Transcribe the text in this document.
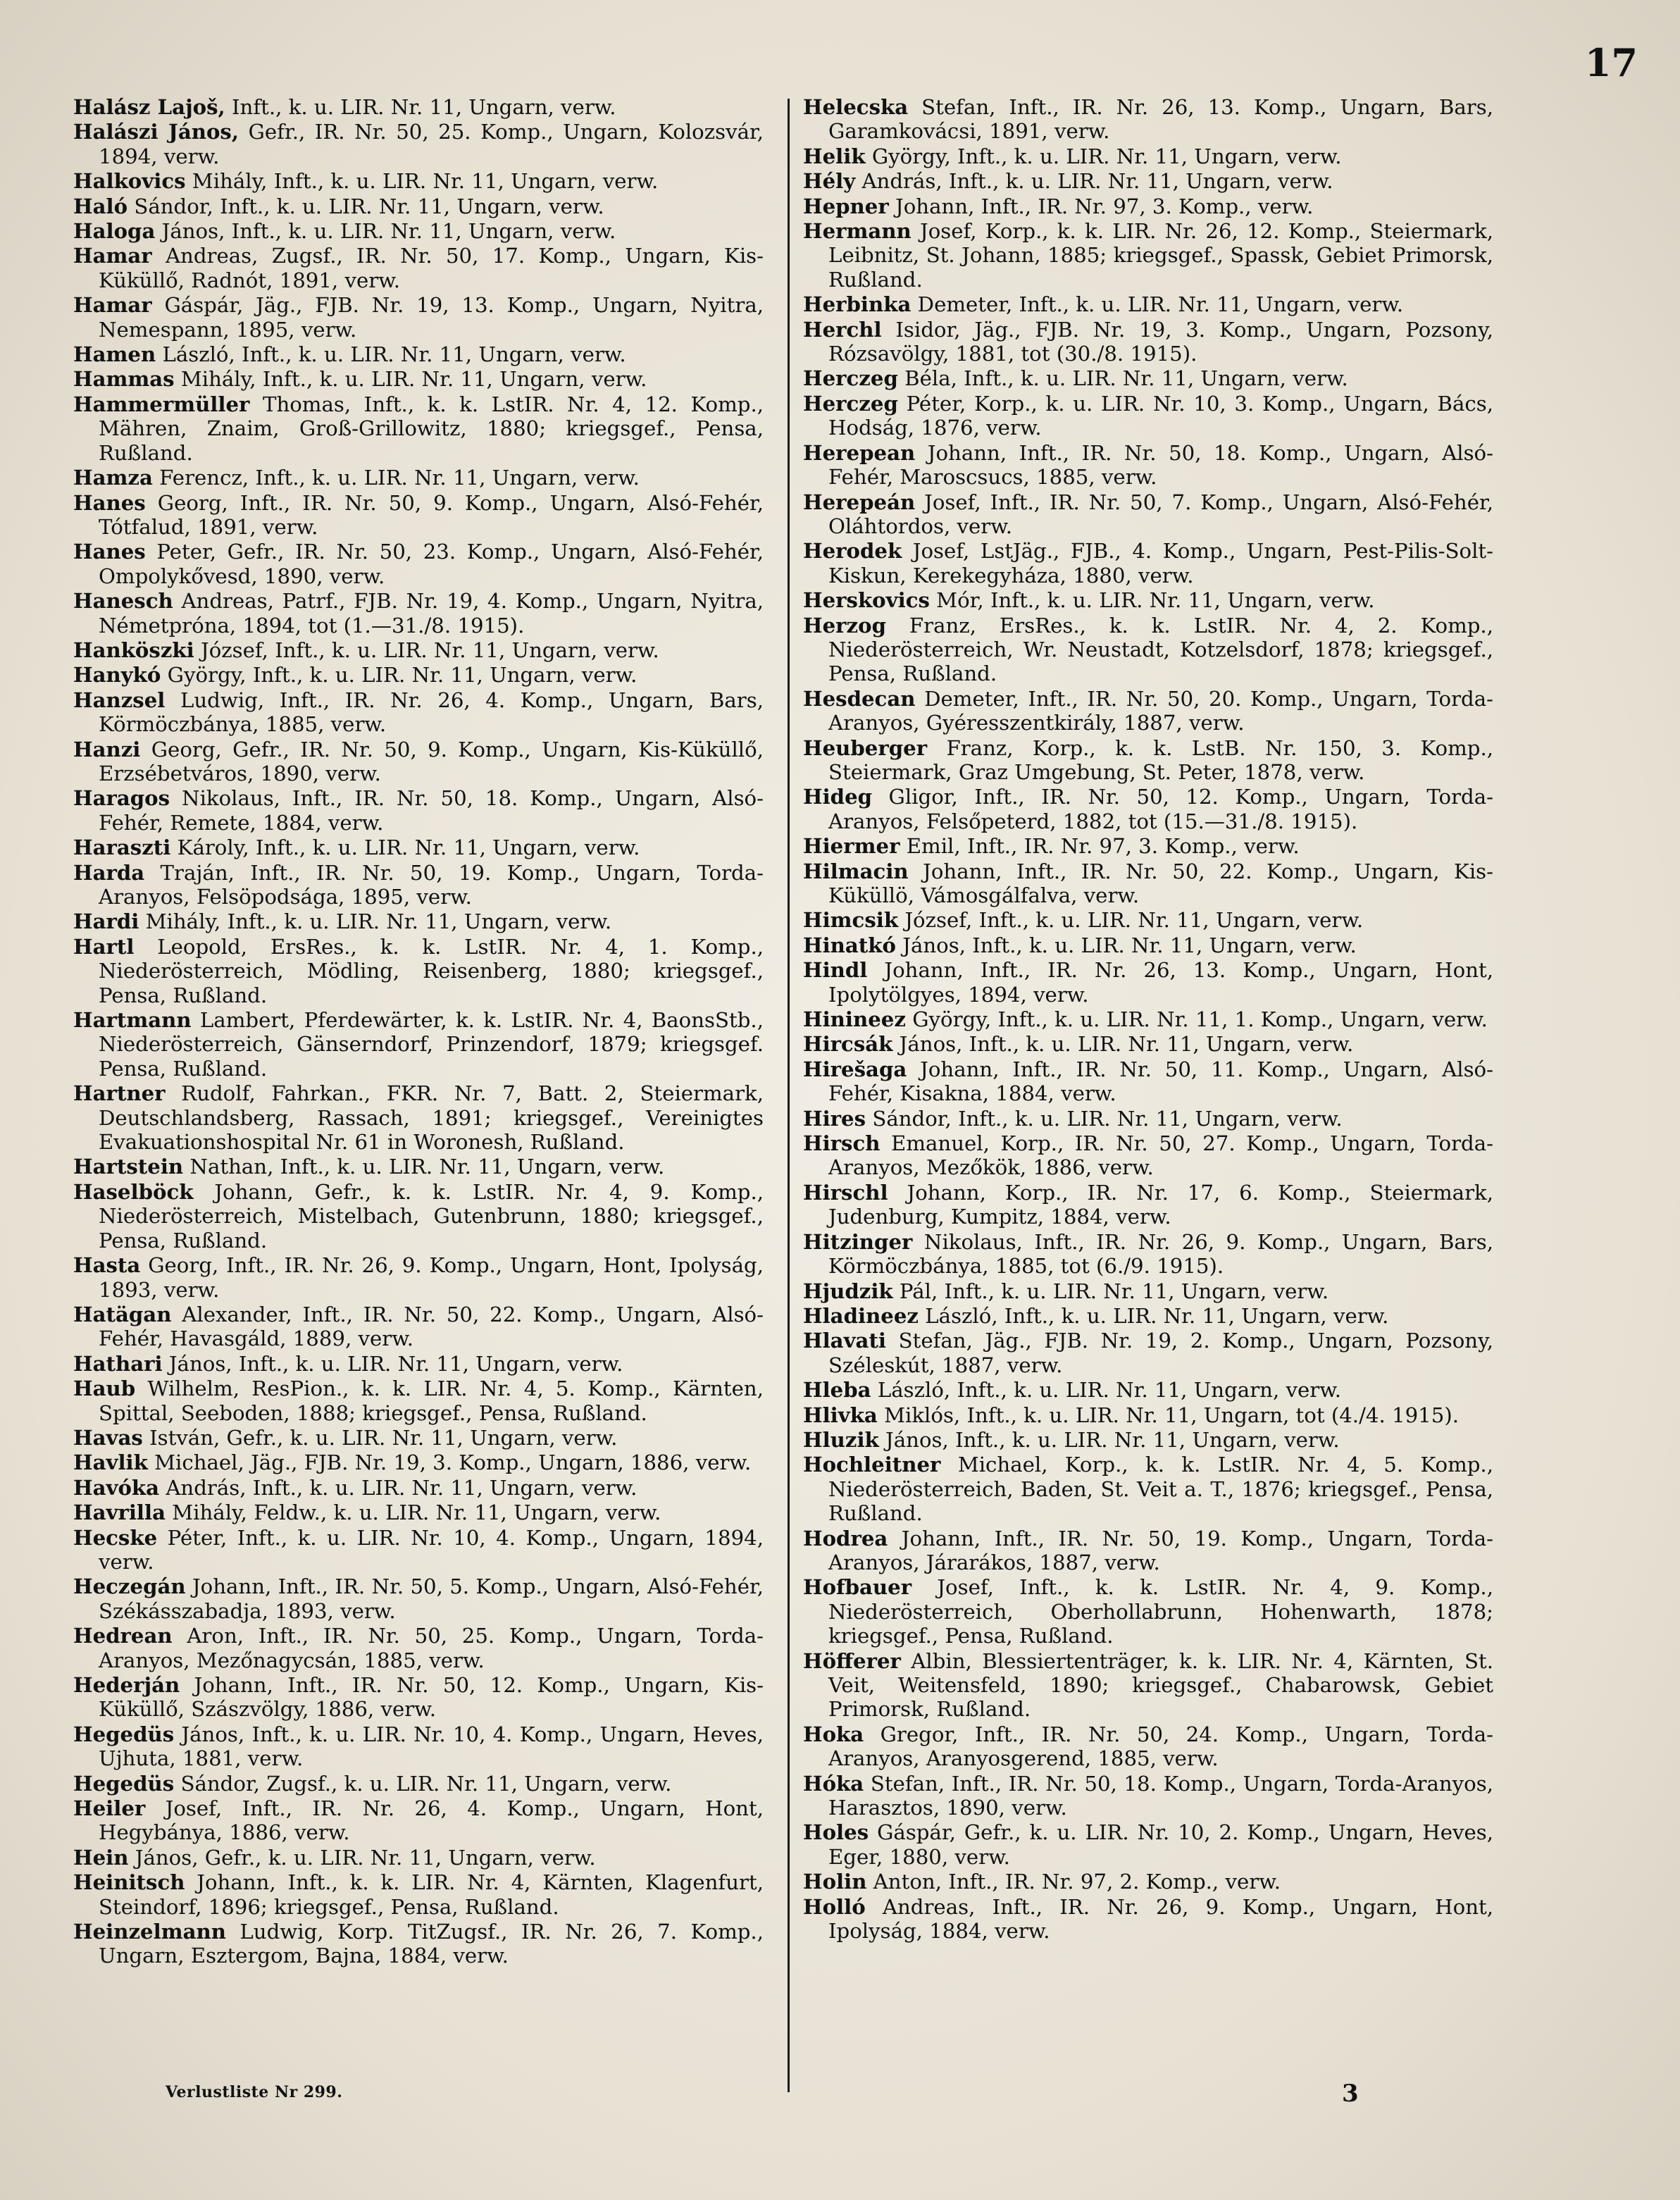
17

Halász Lajoš, Inft., k. u. LIR. Nr. 11, Ungarn, verw.

Halászi János, Gefr., IR. Nr. 50, 25. Komp., Ungarn, Kolozsvár, 1894, verw.

Halkovics Mihály, Inft., k. u. LIR. Nr. 11, Ungarn, verw.

Haló Sándor, Inft., k. u. LIR. Nr. 11, Ungarn, verw.

Haloga János, Inft., k. u. LIR. Nr. 11, Ungarn, verw.

Hamar Andreas, Zugsf., IR. Nr. 50, 17. Komp., Ungarn, Kis-Küküllő, Radnót, 1891, verw.

Hamar Gáspár, Jäg., FJB. Nr. 19, 13. Komp., Ungarn, Nyitra, Nemespann, 1895, verw.

Hamen László, Inft., k. u. LIR. Nr. 11, Ungarn, verw.

Hammas Mihály, Inft., k. u. LIR. Nr. 11, Ungarn, verw.

Hammermüller Thomas, Inft., k. k. LstIR. Nr. 4, 12. Komp., Mähren, Znaim, Groß-Grillowitz, 1880; kriegsgef., Pensa, Rußland.

Hamza Ferencz, Inft., k. u. LIR. Nr. 11, Ungarn, verw.

Hanes Georg, Inft., IR. Nr. 50, 9. Komp., Ungarn, Alsó-Fehér, Tótfalud, 1891, verw.

Hanes Peter, Gefr., IR. Nr. 50, 23. Komp., Ungarn, Alsó-Fehér, Ompolykővesd, 1890, verw.

Hanesch Andreas, Patrf., FJB. Nr. 19, 4. Komp., Ungarn, Nyitra, Németpróna, 1894, tot (1.—31./8. 1915).

Hanköszki József, Inft., k. u. LIR. Nr. 11, Ungarn, verw.

Hanykó György, Inft., k. u. LIR. Nr. 11, Ungarn, verw.

Hanzsel Ludwig, Inft., IR. Nr. 26, 4. Komp., Ungarn, Bars, Körmöczbánya, 1885, verw.

Hanzi Georg, Gefr., IR. Nr. 50, 9. Komp., Ungarn, Kis-Küküllő, Erzsébetváros, 1890, verw.

Haragos Nikolaus, Inft., IR. Nr. 50, 18. Komp., Ungarn, Alsó-Fehér, Remete, 1884, verw.

Haraszti Károly, Inft., k. u. LIR. Nr. 11, Ungarn, verw.

Harda Traján, Inft., IR. Nr. 50, 19. Komp., Ungarn, Torda-Aranyos, Felsöpodsága, 1895, verw.

Hardi Mihály, Inft., k. u. LIR. Nr. 11, Ungarn, verw.

Hartl Leopold, ErsRes., k. k. LstIR. Nr. 4, 1. Komp., Niederösterreich, Mödling, Reisenberg, 1880; kriegsgef., Pensa, Rußland.

Hartmann Lambert, Pferdewärter, k. k. LstIR. Nr. 4, BaonsStb., Niederösterreich, Gänserndorf, Prinzendorf, 1879; kriegsgef. Pensa, Rußland.

Hartner Rudolf, Fahrkan., FKR. Nr. 7, Batt. 2, Steiermark, Deutschlandsberg, Rassach, 1891; kriegsgef., Vereinigtes Evakuationshospital Nr. 61 in Woronesh, Rußland.

Hartstein Nathan, Inft., k. u. LIR. Nr. 11, Ungarn, verw.

Haselböck Johann, Gefr., k. k. LstIR. Nr. 4, 9. Komp., Niederösterreich, Mistelbach, Gutenbrunn, 1880; kriegsgef., Pensa, Rußland.

Hasta Georg, Inft., IR. Nr. 26, 9. Komp., Ungarn, Hont, Ipolyság, 1893, verw.

Hatägan Alexander, Inft., IR. Nr. 50, 22. Komp., Ungarn, Alsó-Fehér, Havasgáld, 1889, verw.

Hathari János, Inft., k. u. LIR. Nr. 11, Ungarn, verw.

Haub Wilhelm, ResPion., k. k. LIR. Nr. 4, 5. Komp., Kärnten, Spittal, Seeboden, 1888; kriegsgef., Pensa, Rußland.

Havas István, Gefr., k. u. LIR. Nr. 11, Ungarn, verw.

Havlik Michael, Jäg., FJB. Nr. 19, 3. Komp., Ungarn, 1886, verw.

Havóka András, Inft., k. u. LIR. Nr. 11, Ungarn, verw.

Havrilla Mihály, Feldw., k. u. LIR. Nr. 11, Ungarn, verw.

Hecske Péter, Inft., k. u. LIR. Nr. 10, 4. Komp., Ungarn, 1894, verw.

Heczegán Johann, Inft., IR. Nr. 50, 5. Komp., Ungarn, Alsó-Fehér, Székásszabadja, 1893, verw.

Hedrean Aron, Inft., IR. Nr. 50, 25. Komp., Ungarn, Torda-Aranyos, Mezőnagycsán, 1885, verw.

Hederján Johann, Inft., IR. Nr. 50, 12. Komp., Ungarn, Kis-Küküllő, Szászvölgy, 1886, verw.

Hegedüs János, Inft., k. u. LIR. Nr. 10, 4. Komp., Ungarn, Heves, Ujhuta, 1881, verw.

Hegedüs Sándor, Zugsf., k. u. LIR. Nr. 11, Ungarn, verw.

Heiler Josef, Inft., IR. Nr. 26, 4. Komp., Ungarn, Hont, Hegybánya, 1886, verw.

Hein János, Gefr., k. u. LIR. Nr. 11, Ungarn, verw.

Heinitsch Johann, Inft., k. k. LIR. Nr. 4, Kärnten, Klagenfurt, Steindorf, 1896; kriegsgef., Pensa, Rußland.

Heinzelmann Ludwig, Korp. TitZugsf., IR. Nr. 26, 7. Komp., Ungarn, Esztergom, Bajna, 1884, verw.

Helecska Stefan, Inft., IR. Nr. 26, 13. Komp., Ungarn, Bars, Garamkovácsi, 1891, verw.

Helik György, Inft., k. u. LIR. Nr. 11, Ungarn, verw.

Hély András, Inft., k. u. LIR. Nr. 11, Ungarn, verw.

Hepner Johann, Inft., IR. Nr. 97, 3. Komp., verw.

Hermann Josef, Korp., k. k. LIR. Nr. 26, 12. Komp., Steiermark, Leibnitz, St. Johann, 1885; kriegsgef., Spassk, Gebiet Primorsk, Rußland.

Herbinka Demeter, Inft., k. u. LIR. Nr. 11, Ungarn, verw.

Herchl Isidor, Jäg., FJB. Nr. 19, 3. Komp., Ungarn, Pozsony, Rózsavölgy, 1881, tot (30./8. 1915).

Herczeg Béla, Inft., k. u. LIR. Nr. 11, Ungarn, verw.

Herczeg Péter, Korp., k. u. LIR. Nr. 10, 3. Komp., Ungarn, Bács, Hodság, 1876, verw.

Herepean Johann, Inft., IR. Nr. 50, 18. Komp., Ungarn, Alsó-Fehér, Maroscsucs, 1885, verw.

Herepeán Josef, Inft., IR. Nr. 50, 7. Komp., Ungarn, Alsó-Fehér, Oláhtordos, verw.

Herodek Josef, LstJäg., FJB., 4. Komp., Ungarn, Pest-Pilis-Solt-Kiskun, Kerekegyháza, 1880, verw.

Herskovics Mór, Inft., k. u. LIR. Nr. 11, Ungarn, verw.

Herzog Franz, ErsRes., k. k. LstIR. Nr. 4, 2. Komp., Niederösterreich, Wr. Neustadt, Kotzelsdorf, 1878; kriegsgef., Pensa, Rußland.

Hesdecan Demeter, Inft., IR. Nr. 50, 20. Komp., Ungarn, Torda-Aranyos, Gyéresszentkirály, 1887, verw.

Heuberger Franz, Korp., k. k. LstB. Nr. 150, 3. Komp., Steiermark, Graz Umgebung, St. Peter, 1878, verw.

Hideg Gligor, Inft., IR. Nr. 50, 12. Komp., Ungarn, Torda-Aranyos, Felsőpeterd, 1882, tot (15.—31./8. 1915).

Hiermer Emil, Inft., IR. Nr. 97, 3. Komp., verw.

Hilmacin Johann, Inft., IR. Nr. 50, 22. Komp., Ungarn, Kis-Küküllö, Vámosgálfalva, verw.

Himcsik József, Inft., k. u. LIR. Nr. 11, Ungarn, verw.

Hinatkó János, Inft., k. u. LIR. Nr. 11, Ungarn, verw.

Hindl Johann, Inft., IR. Nr. 26, 13. Komp., Ungarn, Hont, Ipolytölgyes, 1894, verw.

Hinineez György, Inft., k. u. LIR. Nr. 11, 1. Komp., Ungarn, verw.

Hircsák János, Inft., k. u. LIR. Nr. 11, Ungarn, verw.

Hirešaga Johann, Inft., IR. Nr. 50, 11. Komp., Ungarn, Alsó-Fehér, Kisakna, 1884, verw.

Hires Sándor, Inft., k. u. LIR. Nr. 11, Ungarn, verw.

Hirsch Emanuel, Korp., IR. Nr. 50, 27. Komp., Ungarn, Torda-Aranyos, Mezőkök, 1886, verw.

Hirschl Johann, Korp., IR. Nr. 17, 6. Komp., Steiermark, Judenburg, Kumpitz, 1884, verw.

Hitzinger Nikolaus, Inft., IR. Nr. 26, 9. Komp., Ungarn, Bars, Körmöczbánya, 1885, tot (6./9. 1915).

Hjudzik Pál, Inft., k. u. LIR. Nr. 11, Ungarn, verw.

Hladineez László, Inft., k. u. LIR. Nr. 11, Ungarn, verw.

Hlavati Stefan, Jäg., FJB. Nr. 19, 2. Komp., Ungarn, Pozsony, Széleskút, 1887, verw.

Hleba László, Inft., k. u. LIR. Nr. 11, Ungarn, verw.

Hlivka Miklós, Inft., k. u. LIR. Nr. 11, Ungarn, tot (4./4. 1915).

Hluzik János, Inft., k. u. LIR. Nr. 11, Ungarn, verw.

Hochleitner Michael, Korp., k. k. LstIR. Nr. 4, 5. Komp., Niederösterreich, Baden, St. Veit a. T., 1876; kriegsgef., Pensa, Rußland.

Hodrea Johann, Inft., IR. Nr. 50, 19. Komp., Ungarn, Torda-Aranyos, Járarákos, 1887, verw.

Hofbauer Josef, Inft., k. k. LstIR. Nr. 4, 9. Komp., Niederösterreich, Oberhollabrunn, Hohenwarth, 1878; kriegsgef., Pensa, Rußland.

Höfferer Albin, Blessiertenträger, k. k. LIR. Nr. 4, Kärnten, St. Veit, Weitensfeld, 1890; kriegsgef., Chabarowsk, Gebiet Primorsk, Rußland.

Hoka Gregor, Inft., IR. Nr. 50, 24. Komp., Ungarn, Torda-Aranyos, Aranyosgerend, 1885, verw.

Hóka Stefan, Inft., IR. Nr. 50, 18. Komp., Ungarn, Torda-Aranyos, Harasztos, 1890, verw.

Holes Gáspár, Gefr., k. u. LIR. Nr. 10, 2. Komp., Ungarn, Heves, Eger, 1880, verw.

Holin Anton, Inft., IR. Nr. 97, 2. Komp., verw.

Holló Andreas, Inft., IR. Nr. 26, 9. Komp., Ungarn, Hont, Ipolyság, 1884, verw.

Verlustliste Nr 299.	3
